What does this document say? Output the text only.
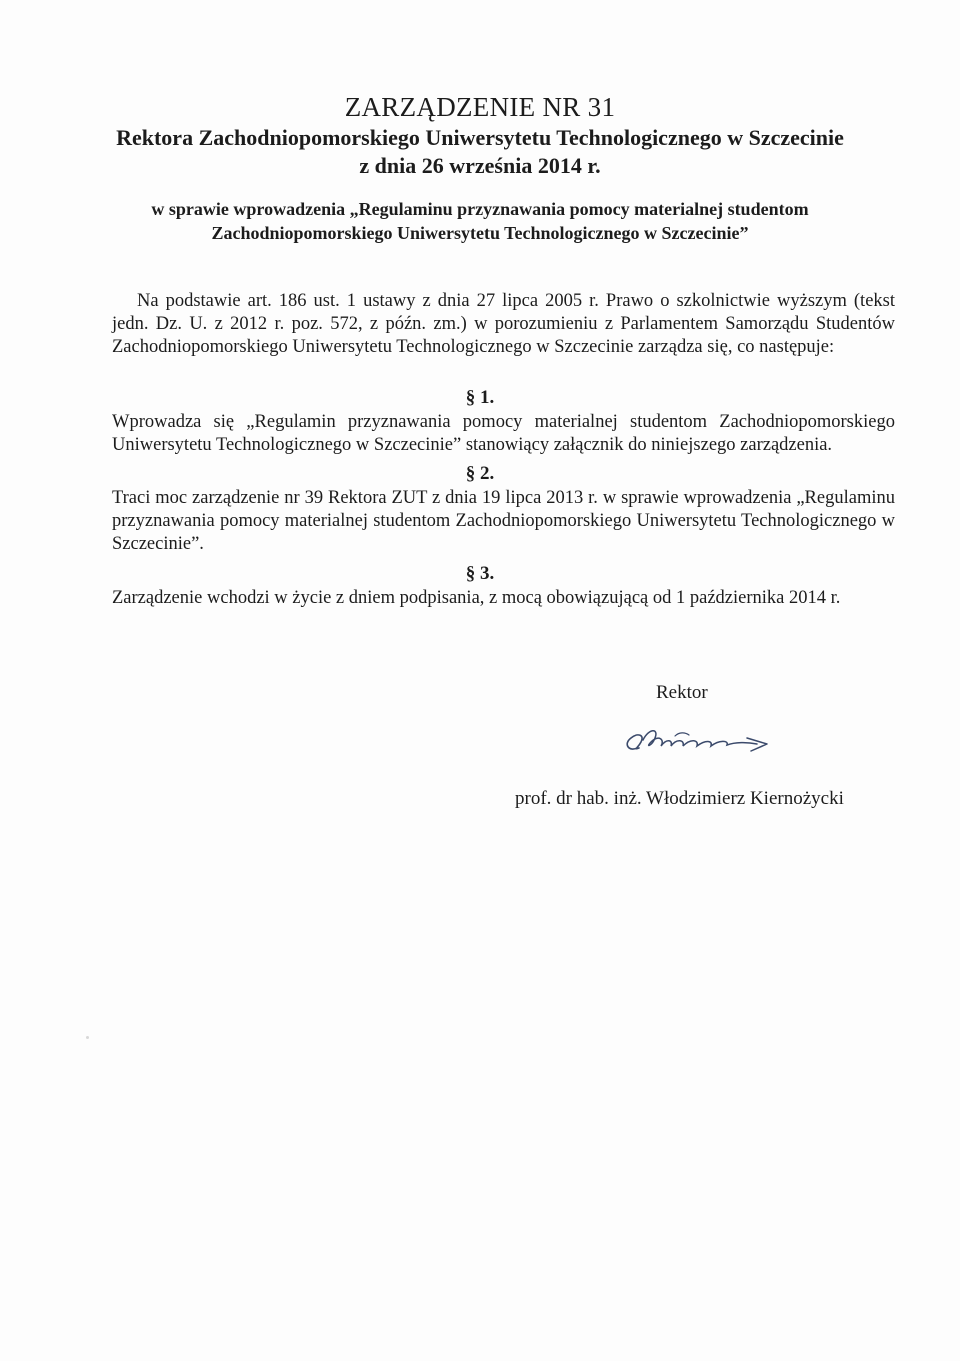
ZARZĄDZENIE NR 31
Rektora Zachodniopomorskiego Uniwersytetu Technologicznego w Szczecinie
z dnia 26 września 2014 r.
w sprawie wprowadzenia „Regulaminu przyznawania pomocy materialnej studentom Zachodniopomorskiego Uniwersytetu Technologicznego w Szczecinie”
Na podstawie art. 186 ust. 1 ustawy z dnia 27 lipca 2005 r. Prawo o szkolnictwie wyższym (tekst jedn. Dz. U. z 2012 r. poz. 572, z późn. zm.) w porozumieniu z Parlamentem Samorządu Studentów Zachodniopomorskiego Uniwersytetu Technologicznego w Szczecinie zarządza się, co następuje:
§ 1.
Wprowadza się „Regulamin przyznawania pomocy materialnej studentom Zachodniopomorskiego Uniwersytetu Technologicznego w Szczecinie” stanowiący załącznik do niniejszego zarządzenia.
§ 2.
Traci moc zarządzenie nr 39 Rektora ZUT z dnia 19 lipca 2013 r. w sprawie wprowadzenia „Regulaminu przyznawania pomocy materialnej studentom Zachodniopomorskiego Uniwersytetu Technologicznego w Szczecinie”.
§ 3.
Zarządzenie wchodzi w życie z dniem podpisania, z mocą obowiązującą od 1 października 2014 r.
Rektor
prof. dr hab. inż. Włodzimierz Kiernożycki
